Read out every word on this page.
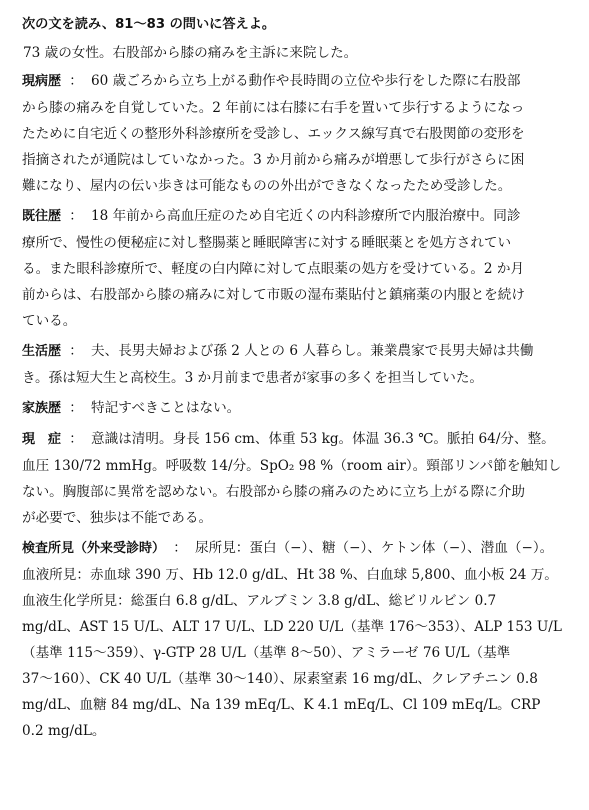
次の文を読み、81〜83 の問いに答えよ。
73 歳の女性。右股部から膝の痛みを主訴に来院した。
現病歴 ： 60 歳ごろから立ち上がる動作や長時間の立位や歩行をした際に右股部
から膝の痛みを自覚していた。2 年前には右膝に右手を置いて歩行するようになっ
たために自宅近くの整形外科診療所を受診し、エックス線写真で右股関節の変形を
指摘されたが通院はしていなかった。3 か月前から痛みが増悪して歩行がさらに困
難になり、屋内の伝い歩きは可能なものの外出ができなくなったため受診した。
既往歴 ： 18 年前から高血圧症のため自宅近くの内科診療所で内服治療中。同診
療所で、慢性の便秘症に対し整腸薬と睡眠障害に対する睡眠薬とを処方されてい
る。また眼科診療所で、軽度の白内障に対して点眼薬の処方を受けている。2 か月
前からは、右股部から膝の痛みに対して市販の湿布薬貼付と鎮痛薬の内服とを続け
ている。
生活歴 ： 夫、長男夫婦および孫 2 人との 6 人暮らし。兼業農家で長男夫婦は共働
き。孫は短大生と高校生。3 か月前まで患者が家事の多くを担当していた。
家族歴 ： 特記すべきことはない。
現　症 ： 意識は清明。身長 156 cm、体重 53 kg。体温 36.3 ℃。脈拍 64/分、整。
血圧 130/72 mmHg。呼吸数 14/分。SpO₂ 98 %（room air）。頸部リンパ節を触知し
ない。胸腹部に異常を認めない。右股部から膝の痛みのために立ち上がる際に介助
が必要で、独歩は不能である。
検査所見（外来受診時） ： 尿所見：蛋白（−）、糖（−）、ケトン体（−）、潜血（−）。
血液所見：赤血球 390 万、Hb 12.0 g/dL、Ht 38 %、白血球 5,800、血小板 24 万。
血液生化学所見：総蛋白 6.8 g/dL、アルブミン 3.8 g/dL、総ビリルビン 0.7
mg/dL、AST 15 U/L、ALT 17 U/L、LD 220 U/L（基準 176〜353）、ALP 153 U/L
（基準 115〜359）、γ-GTP 28 U/L（基準 8〜50）、アミラーゼ 76 U/L（基準
37〜160）、CK 40 U/L（基準 30〜140）、尿素窒素 16 mg/dL、クレアチニン 0.8
mg/dL、血糖 84 mg/dL、Na 139 mEq/L、K 4.1 mEq/L、Cl 109 mEq/L。CRP
0.2 mg/dL。
